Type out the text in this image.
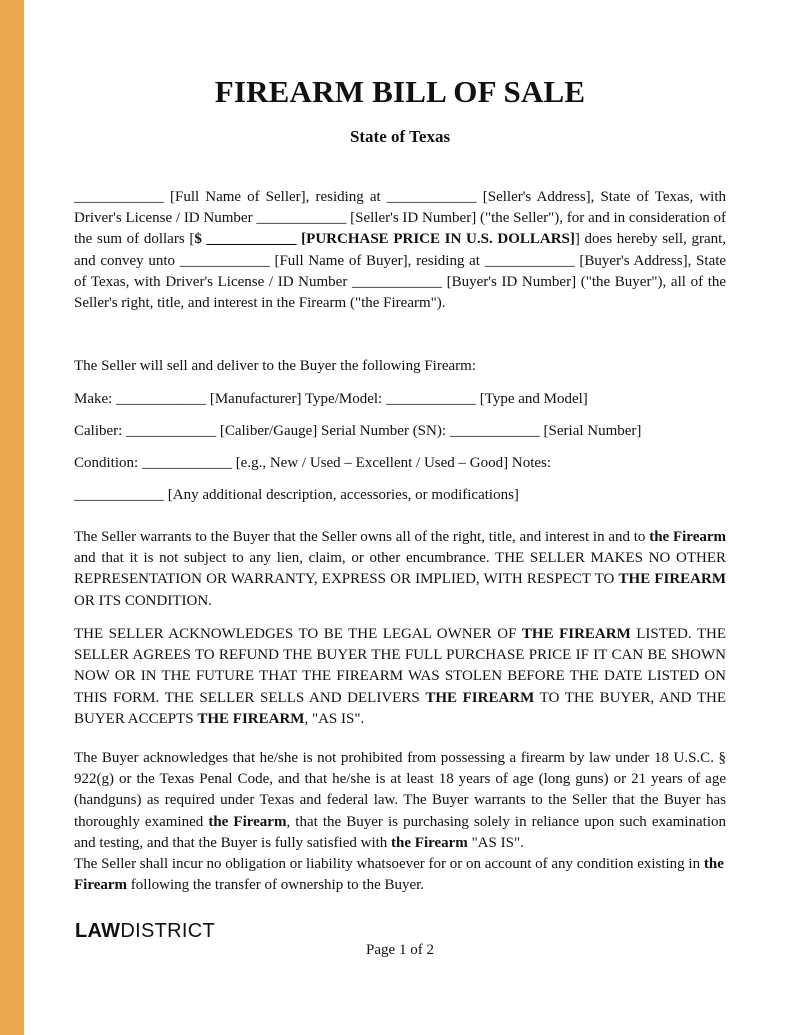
FIREARM BILL OF SALE
State of Texas

____________ [Full Name of Seller], residing at ____________ [Seller's Address], State of Texas, with Driver's License / ID Number ____________ [Seller's ID Number] ("the Seller"), for and in consideration of the sum of dollars [$ ____________ [PURCHASE PRICE IN U.S. DOLLARS]] does hereby sell, grant, and convey unto ____________ [Full Name of Buyer], residing at ____________ [Buyer's Address], State of Texas, with Driver's License / ID Number ____________ [Buyer's ID Number] ("the Buyer"), all of the Seller's right, title, and interest in the Firearm ("the Firearm").

The Seller will sell and deliver to the Buyer the following Firearm:

Make: ____________ [Manufacturer] Type/Model: ____________ [Type and Model]

Caliber: ____________ [Caliber/Gauge] Serial Number (SN): ____________ [Serial Number]

Condition: ____________ [e.g., New / Used – Excellent / Used – Good] Notes:

____________ [Any additional description, accessories, or modifications]

The Seller warrants to the Buyer that the Seller owns all of the right, title, and interest in and to the Firearm and that it is not subject to any lien, claim, or other encumbrance. THE SELLER MAKES NO OTHER REPRESENTATION OR WARRANTY, EXPRESS OR IMPLIED, WITH RESPECT TO THE FIREARM OR ITS CONDITION.

THE SELLER ACKNOWLEDGES TO BE THE LEGAL OWNER OF THE FIREARM LISTED. THE SELLER AGREES TO REFUND THE BUYER THE FULL PURCHASE PRICE IF IT CAN BE SHOWN NOW OR IN THE FUTURE THAT THE FIREARM WAS STOLEN BEFORE THE DATE LISTED ON THIS FORM. THE SELLER SELLS AND DELIVERS THE FIREARM TO THE BUYER, AND THE BUYER ACCEPTS THE FIREARM, "AS IS".

The Buyer acknowledges that he/she is not prohibited from possessing a firearm by law under 18 U.S.C. § 922(g) or the Texas Penal Code, and that he/she is at least 18 years of age (long guns) or 21 years of age (handguns) as required under Texas and federal law. The Buyer warrants to the Seller that the Buyer has thoroughly examined the Firearm, that the Buyer is purchasing solely in reliance upon such examination and testing, and that the Buyer is fully satisfied with the Firearm "AS IS".

The Seller shall incur no obligation or liability whatsoever for or on account of any condition existing in the Firearm following the transfer of ownership to the Buyer.

LAWDISTRICT
Page 1 of 2
